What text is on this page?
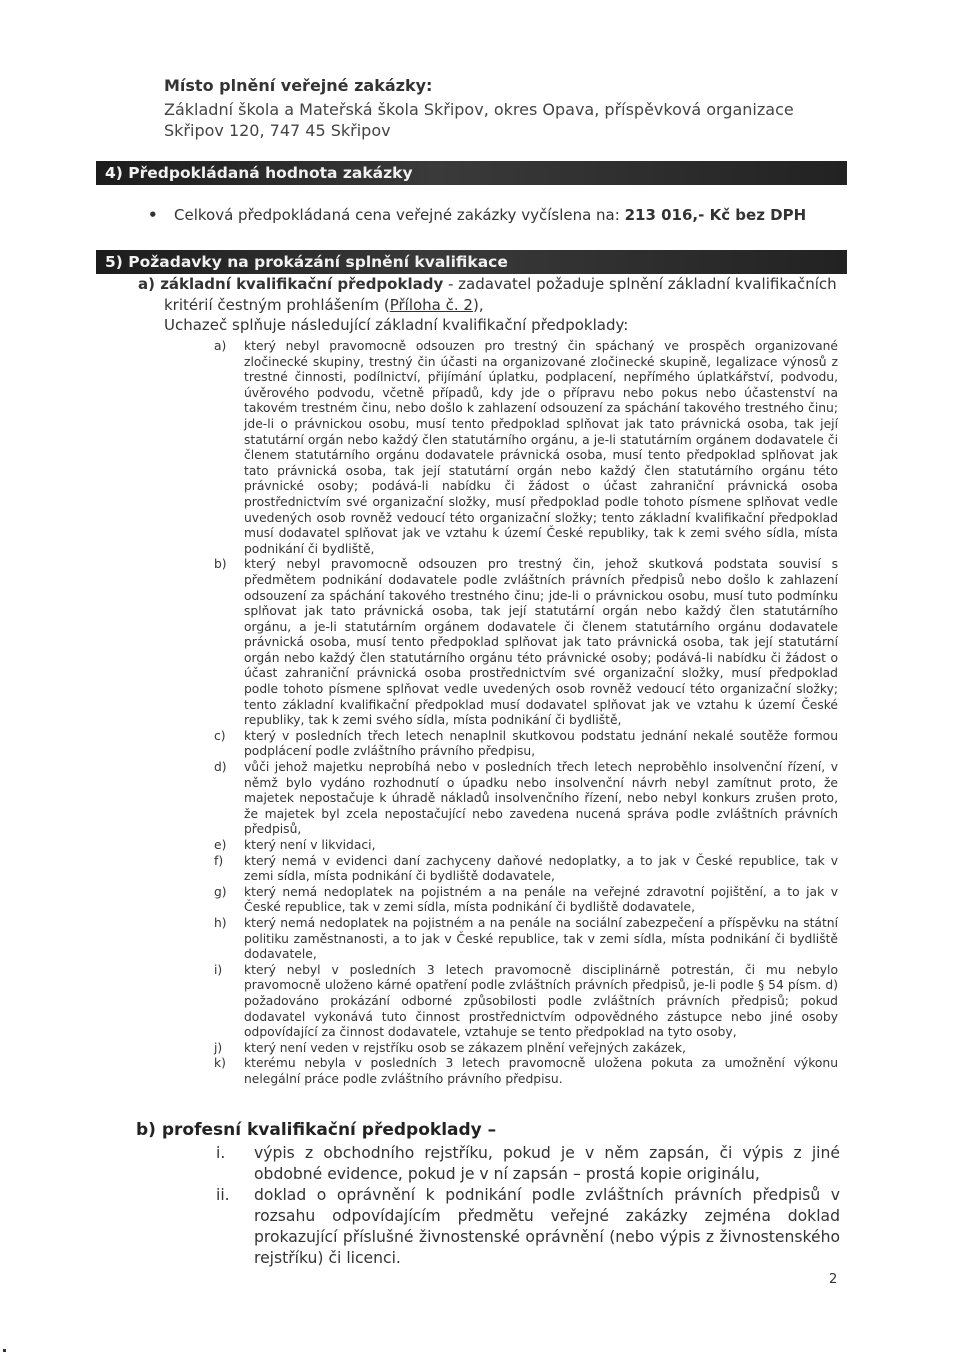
Místo plnění veřejné zakázky:
Základní škola a Mateřská škola Skřipov, okres Opava, příspěvková organizace
Skřipov 120, 747 45 Skřipov
4) Předpokládaná hodnota zakázky
• Celková předpokládaná cena veřejné zakázky vyčíslena na: 213 016,- Kč bez DPH
5) Požadavky na prokázání splnění kvalifikace
a) základní kvalifikační předpoklady - zadavatel požaduje splnění základní kvalifikačních
kritérií čestným prohlášením (Příloha č. 2),
Uchazeč splňuje následující základní kvalifikační předpoklady:
a)	který nebyl pravomocně odsouzen pro trestný čin spáchaný ve prospěch organizované zločinecké skupiny, trestný čin účasti na organizované zločinecké skupině, legalizace výnosů z trestné činnosti, podílnictví, přijímání úplatku, podplacení, nepřímého úplatkářství, podvodu, úvěrového podvodu, včetně případů, kdy jde o přípravu nebo pokus nebo účastenství na takovém trestném činu, nebo došlo k zahlazení odsouzení za spáchání takového trestného činu; jde-li o právnickou osobu, musí tento předpoklad splňovat jak tato právnická osoba, tak její statutární orgán nebo každý člen statutárního orgánu, a je-li statutárním orgánem dodavatele či členem statutárního orgánu dodavatele právnická osoba, musí tento předpoklad splňovat jak tato právnická osoba, tak její statutární orgán nebo každý člen statutárního orgánu této právnické osoby; podává-li nabídku či žádost o účast zahraniční právnická osoba prostřednictvím své organizační složky, musí předpoklad podle tohoto písmene splňovat vedle uvedených osob rovněž vedoucí této organizační složky; tento základní kvalifikační předpoklad musí dodavatel splňovat jak ve vztahu k území České republiky, tak k zemi svého sídla, místa podnikání či bydliště,
b)	který nebyl pravomocně odsouzen pro trestný čin, jehož skutková podstata souvisí s předmětem podnikání dodavatele podle zvláštních právních předpisů nebo došlo k zahlazení odsouzení za spáchání takového trestného činu; jde-li o právnickou osobu, musí tuto podmínku splňovat jak tato právnická osoba, tak její statutární orgán nebo každý člen statutárního orgánu, a je-li statutárním orgánem dodavatele či členem statutárního orgánu dodavatele právnická osoba, musí tento předpoklad splňovat jak tato právnická osoba, tak její statutární orgán nebo každý člen statutárního orgánu této právnické osoby; podává-li nabídku či žádost o účast zahraniční právnická osoba prostřednictvím své organizační složky, musí předpoklad podle tohoto písmene splňovat vedle uvedených osob rovněž vedoucí této organizační složky; tento základní kvalifikační předpoklad musí dodavatel splňovat jak ve vztahu k území České republiky, tak k zemi svého sídla, místa podnikání či bydliště,
c)	který v posledních třech letech nenaplnil skutkovou podstatu jednání nekalé soutěže formou podplácení podle zvláštního právního předpisu,
d)	vůči jehož majetku neprobíhá nebo v posledních třech letech neproběhlo insolvenční řízení, v němž bylo vydáno rozhodnutí o úpadku nebo insolvenční návrh nebyl zamítnut proto, že majetek nepostačuje k úhradě nákladů insolvenčního řízení, nebo nebyl konkurs zrušen proto, že majetek byl zcela nepostačující nebo zavedena nucená správa podle zvláštních právních předpisů,
e)	který není v likvidaci,
f)	který nemá v evidenci daní zachyceny daňové nedoplatky, a to jak v České republice, tak v zemi sídla, místa podnikání či bydliště dodavatele,
g)	který nemá nedoplatek na pojistném a na penále na veřejné zdravotní pojištění, a to jak v České republice, tak v zemi sídla, místa podnikání či bydliště dodavatele,
h)	který nemá nedoplatek na pojistném a na penále na sociální zabezpečení a příspěvku na státní politiku zaměstnanosti, a to jak v České republice, tak v zemi sídla, místa podnikání či bydliště dodavatele,
i)	který nebyl v posledních 3 letech pravomocně disciplinárně potrestán, či mu nebylo pravomocně uloženo kárné opatření podle zvláštních právních předpisů, je-li podle § 54 písm. d) požadováno prokázání odborné způsobilosti podle zvláštních právních předpisů; pokud dodavatel vykonává tuto činnost prostřednictvím odpovědného zástupce nebo jiné osoby odpovídající za činnost dodavatele, vztahuje se tento předpoklad na tyto osoby,
j)	který není veden v rejstříku osob se zákazem plnění veřejných zakázek,
k)	kterému nebyla v posledních 3 letech pravomocně uložena pokuta za umožnění výkonu nelegální práce podle zvláštního právního předpisu.
b) profesní kvalifikační předpoklady –
i.	výpis z obchodního rejstříku, pokud je v něm zapsán, či výpis z jiné obdobné evidence, pokud je v ní zapsán – prostá kopie originálu,
ii.	doklad o oprávnění k podnikání podle zvláštních právních předpisů v rozsahu odpovídajícím předmětu veřejné zakázky zejména doklad prokazující příslušné živnostenské oprávnění (nebo výpis z živnostenského rejstříku) či licenci.
2
